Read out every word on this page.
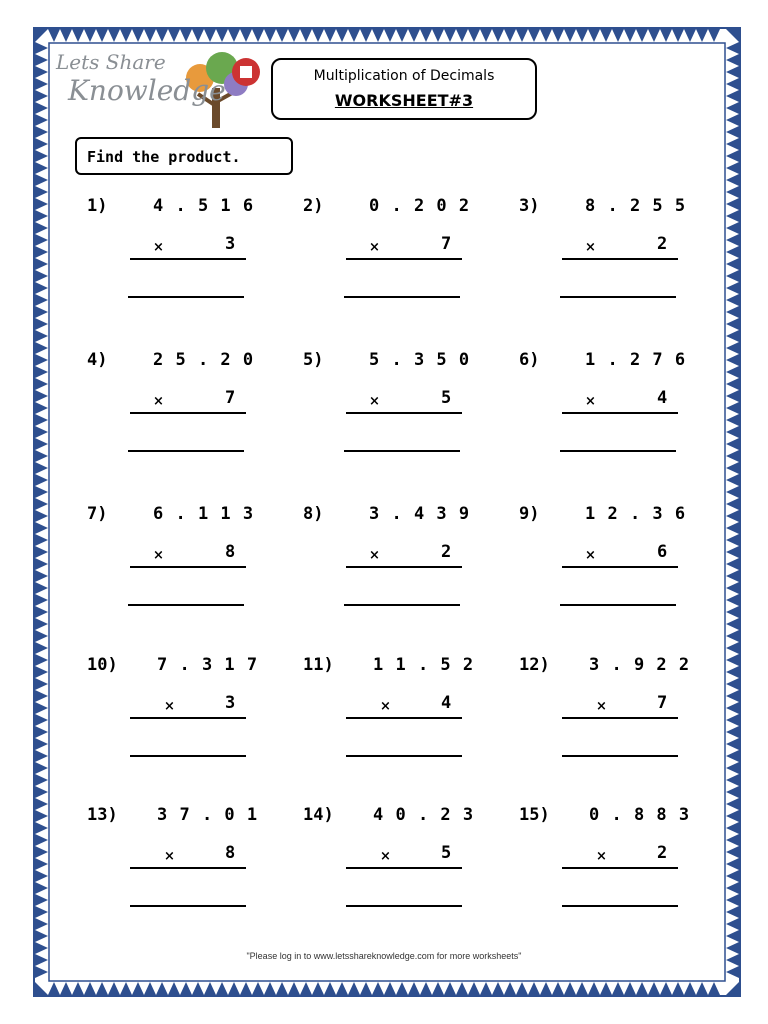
Lets Share
Knowledge	Multiplication of Decimals
WORKSHEET#3
Find the product.
1)	4 . 5 1 6
×	3
2)	0 . 2 0 2
×	7
3)	8 . 2 5 5
×	2
4)	2 5 . 2 0
×	7
5)	5 . 3 5 0
×	5
6)	1 . 2 7 6
×	4
7)	6 . 1 1 3
×	8
8)	3 . 4 3 9
×	2
9)	1 2 . 3 6
×	6
10) 7 . 3 1 7
×	3
11) 1 1 . 5 2
×	4
12) 3 . 9 2 2
×	7
13) 3 7 . 0 1
×	8
14) 4 0 . 2 3
×	5
15) 0 . 8 8 3
×	2
"Please log in to www.letsshareknowledge.com for more worksheets"
